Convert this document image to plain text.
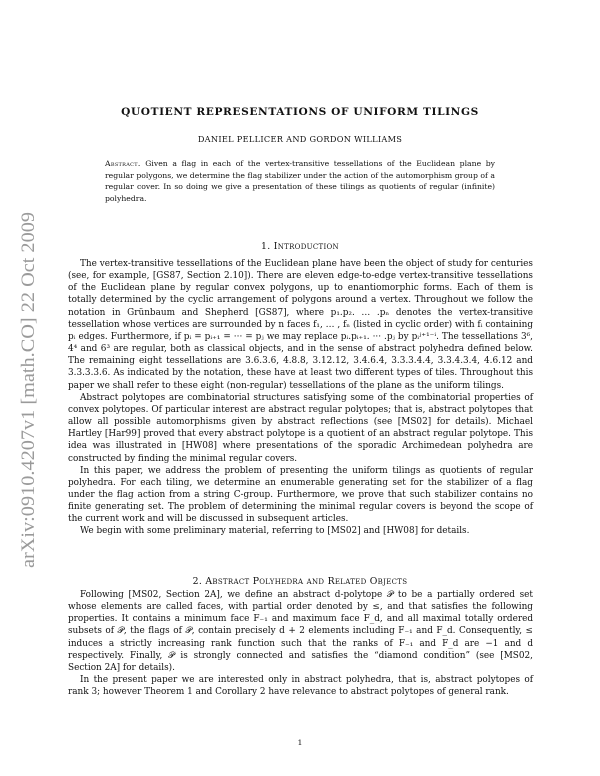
arXiv:0910.4207v1 [math.CO] 22 Oct 2009
QUOTIENT REPRESENTATIONS OF UNIFORM TILINGS
DANIEL PELLICER AND GORDON WILLIAMS
Abstract. Given a flag in each of the vertex-transitive tessellations of the Euclidean plane by regular polygons, we determine the flag stabilizer under the action of the automorphism group of a regular cover. In so doing we give a presentation of these tilings as quotients of regular (infinite) polyhedra.
1. Introduction

The vertex-transitive tessellations of the Euclidean plane have been the object of study for centuries (see, for example, [GS87, Section 2.10]). There are eleven edge-to-edge vertex-transitive tessellations of the Euclidean plane by regular convex polygons, up to enantiomorphic forms. Each of them is totally determined by the cyclic arrangement of polygons around a vertex. Throughout we follow the notation in Grünbaum and Shepherd [GS87], where p₁.p₂. … .pₙ denotes the vertex-transitive tessellation whose vertices are surrounded by n faces f₁, … , fₙ (listed in cyclic order) with fᵢ containing pᵢ edges. Furthermore, if pᵢ = pᵢ₊₁ = ··· = pⱼ we may replace pᵢ.pᵢ₊₁. ··· .pⱼ by pᵢʲ⁺¹⁻ⁱ. The tessellations 3⁶, 4⁴ and 6³ are regular, both as classical objects, and in the sense of abstract polyhedra defined below. The remaining eight tessellations are 3.6.3.6, 4.8.8, 3.12.12, 3.4.6.4, 3.3.3.4.4, 3.3.4.3.4, 4.6.12 and 3.3.3.3.6. As indicated by the notation, these have at least two different types of tiles. Throughout this paper we shall refer to these eight (non-regular) tessellations of the plane as the uniform tilings.

Abstract polytopes are combinatorial structures satisfying some of the combinatorial properties of convex polytopes. Of particular interest are abstract regular polytopes; that is, abstract polytopes that allow all possible automorphisms given by abstract reflections (see [MS02] for details). Michael Hartley [Har99] proved that every abstract polytope is a quotient of an abstract regular polytope. This idea was illustrated in [HW08] where presentations of the sporadic Archimedean polyhedra are constructed by finding the minimal regular covers.

In this paper, we address the problem of presenting the uniform tilings as quotients of regular polyhedra. For each tiling, we determine an enumerable generating set for the stabilizer of a flag under the flag action from a string C-group. Furthermore, we prove that such stabilizer contains no finite generating set. The problem of determining the minimal regular covers is beyond the scope of the current work and will be discussed in subsequent articles.

We begin with some preliminary material, referring to [MS02] and [HW08] for details.

2. Abstract Polyhedra and Related Objects

Following [MS02, Section 2A], we define an abstract d-polytope 𝒫 to be a partially ordered set whose elements are called faces, with partial order denoted by ≤, and that satisfies the following properties. It contains a minimum face F₋₁ and maximum face F_d, and all maximal totally ordered subsets of 𝒫, the flags of 𝒫, contain precisely d + 2 elements including F₋₁ and F_d. Consequently, ≤ induces a strictly increasing rank function such that the ranks of F₋₁ and F_d are −1 and d respectively. Finally, 𝒫 is strongly connected and satisfies the “diamond condition” (see [MS02, Section 2A] for details).

In the present paper we are interested only in abstract polyhedra, that is, abstract polytopes of rank 3; however Theorem 1 and Corollary 2 have relevance to abstract polytopes of general rank.

1
